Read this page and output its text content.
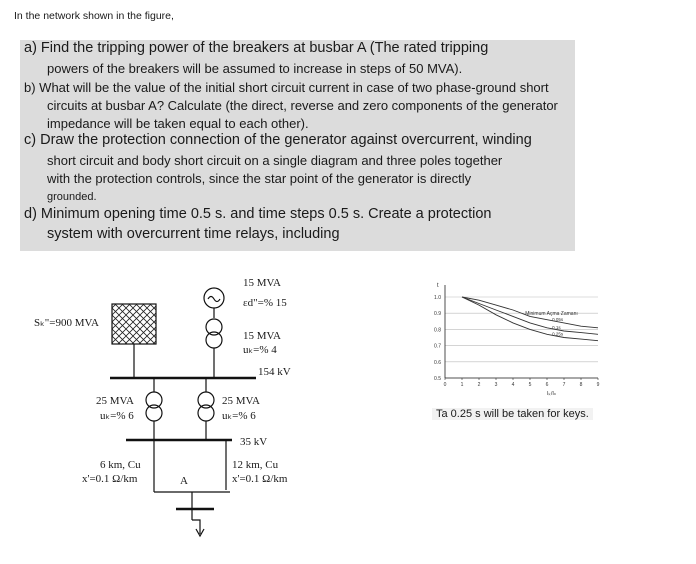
In the network shown in the figure,
a) Find the tripping power of the breakers at busbar A (The rated tripping
powers of the breakers will be assumed to increase in steps of 50 MVA).
b) What will be the value of the initial short circuit current in case of two phase-ground short
circuits at busbar A? Calculate (the direct, reverse and zero components of the generator
impedance will be taken equal to each other).
c) Draw the protection connection of the generator against overcurrent, winding
short circuit and body short circuit on a single diagram and three poles together
with the protection controls, since the star point of the generator is directly
grounded.
d) Minimum opening time 0.5 s. and time steps 0.5 s. Create a protection
system with overcurrent time relays, including
Sₖ"=900 MVA
15 MVA
εd"=% 15
15 MVA
uₖ=% 4
154 kV
25 MVA
uₖ=% 6
25 MVA
uₖ=% 6
35 kV
6 km, Cu
x'=0.1 Ω/km
12 km, Cu
x'=0.1 Ω/km
A
0.5
0.6
0.7
0.8
0.9
1.0
0	1	2	3	4	5	6	7	8	9
0.05s
0.1s
0.25s
Minimum Açma Zamanı
t
Iₖ/Iₙ
Ta 0.25 s will be taken for keys.
